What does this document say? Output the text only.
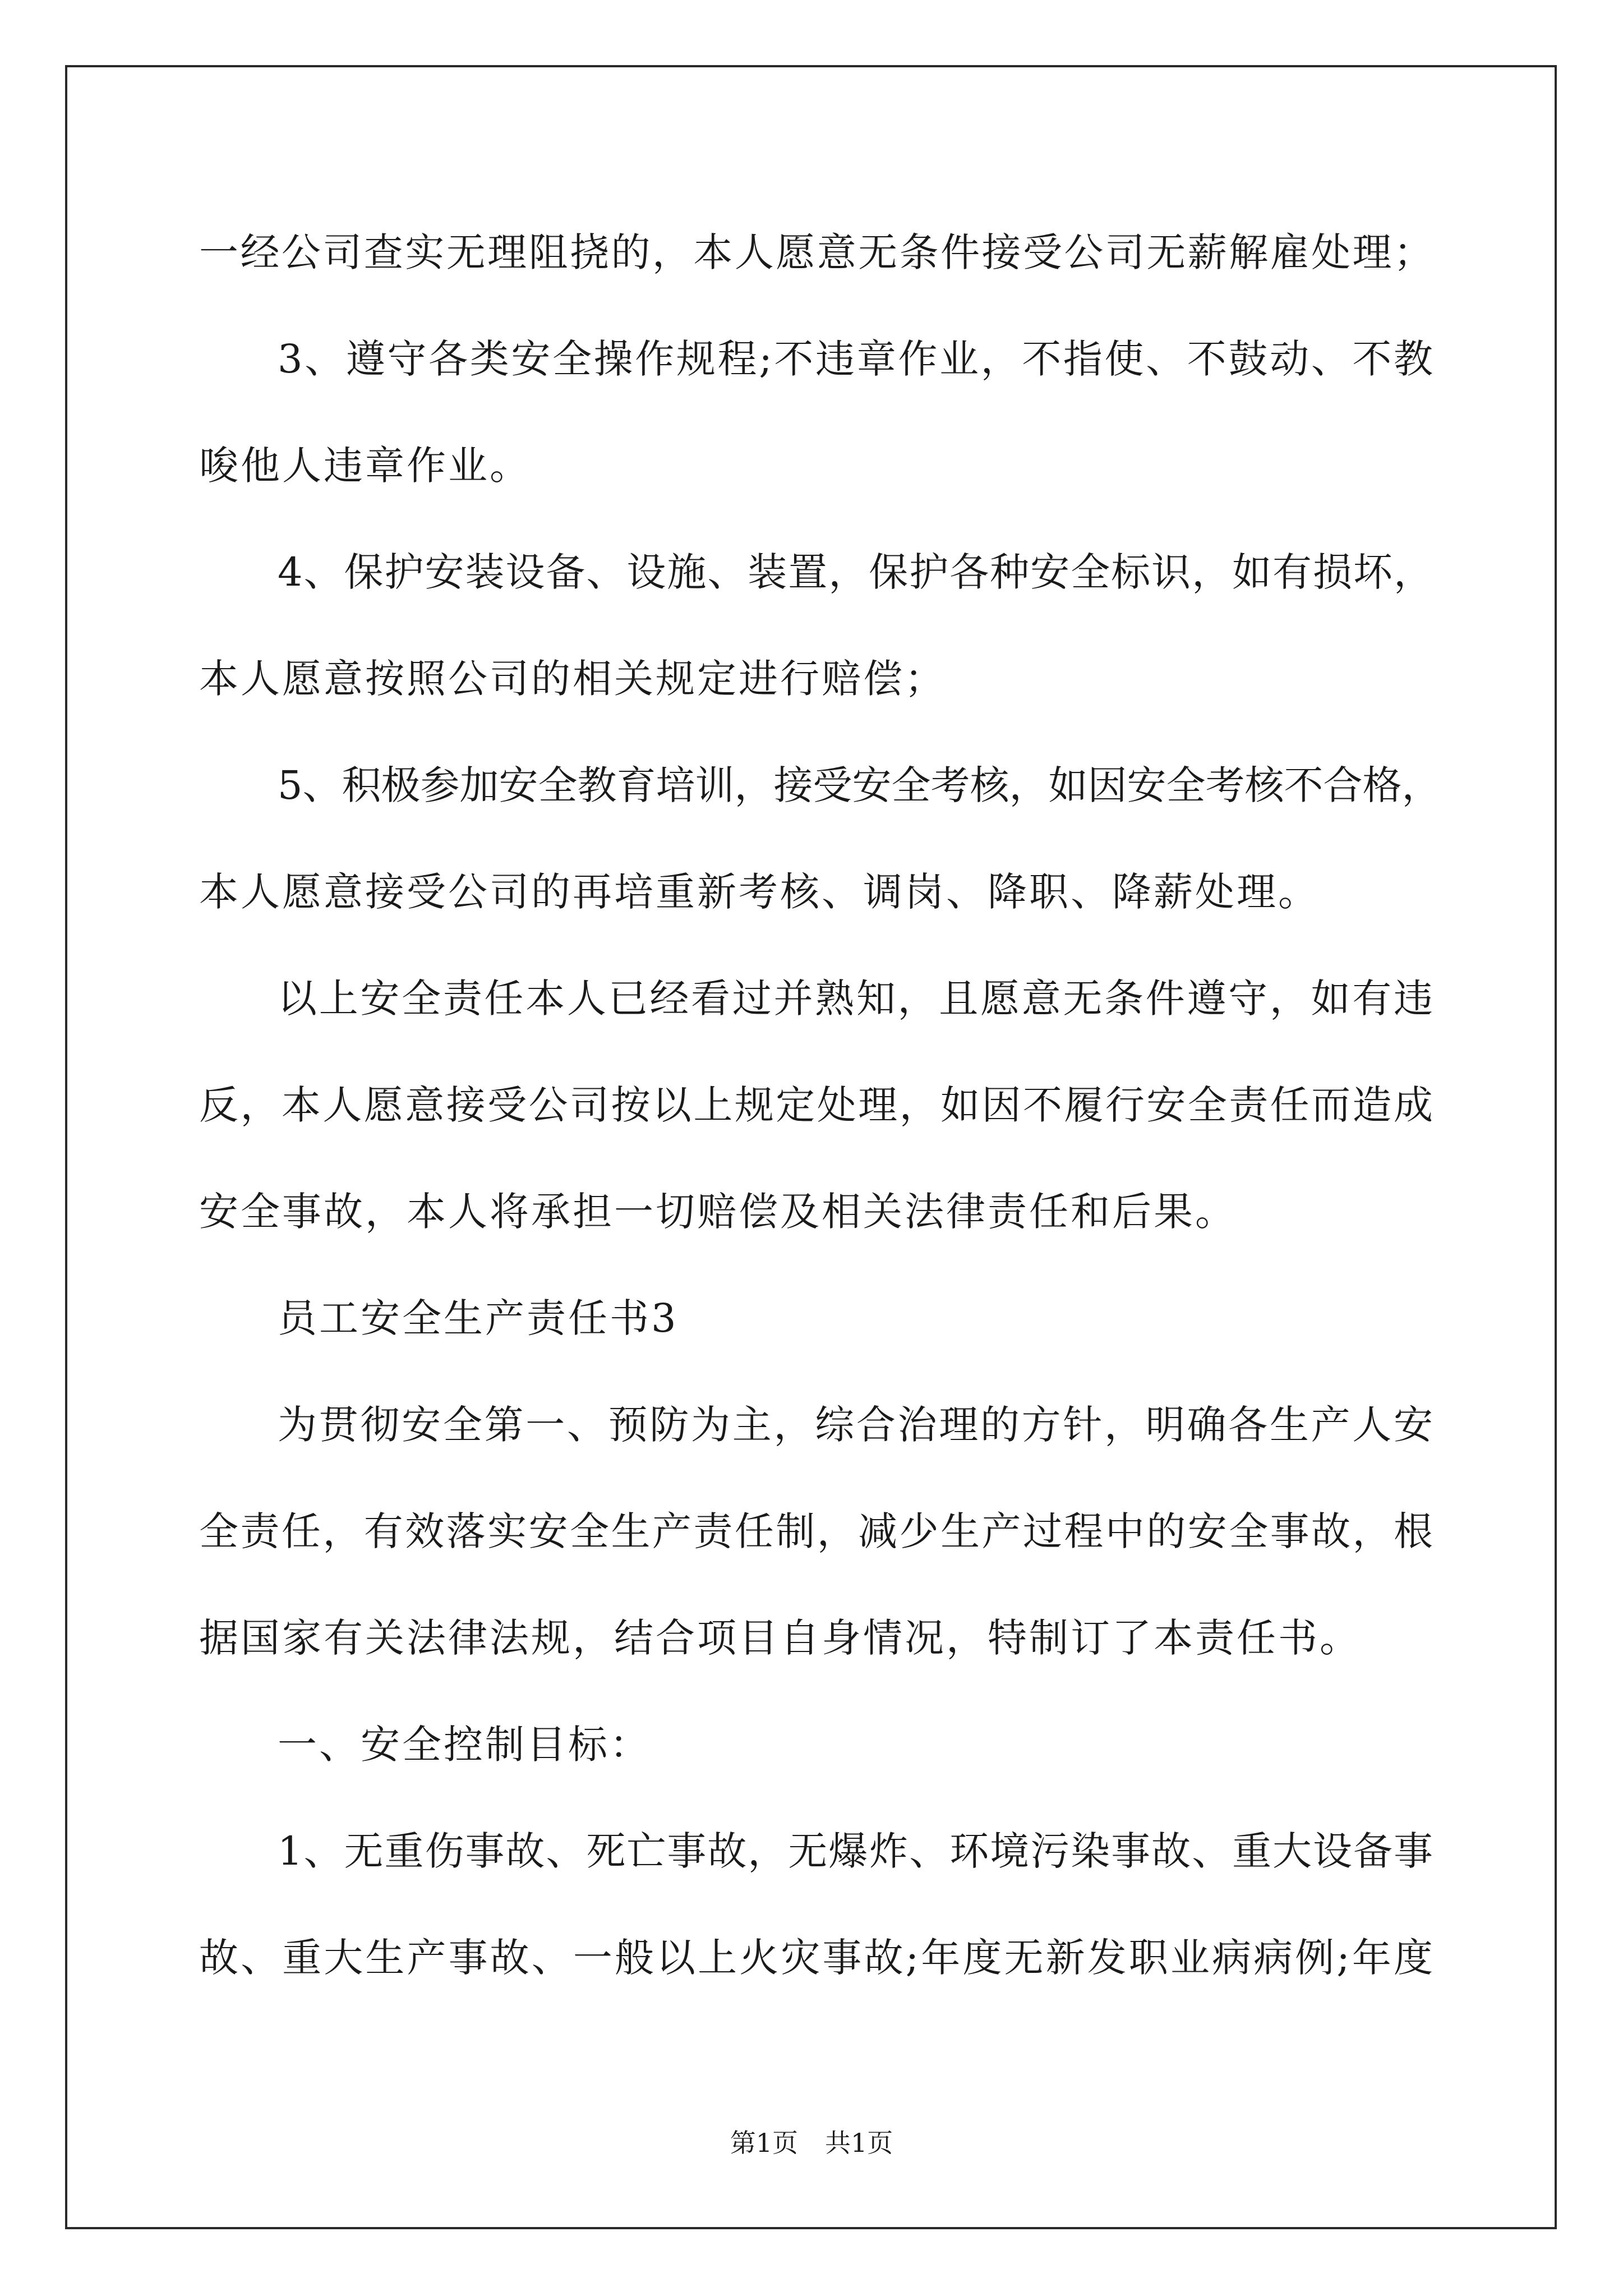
一经公司查实无理阻挠的，本人愿意无条件接受公司无薪解雇处理；
3、遵守各类安全操作规程;不违章作业，不指使、不鼓动、不教
唆他人违章作业。
4、保护安装设备、设施、装置，保护各种安全标识，如有损坏，
本人愿意按照公司的相关规定进行赔偿；
5、积极参加安全教育培训，接受安全考核，如因安全考核不合格，
本人愿意接受公司的再培重新考核、调岗、降职、降薪处理。
以上安全责任本人已经看过并熟知，且愿意无条件遵守，如有违
反，本人愿意接受公司按以上规定处理，如因不履行安全责任而造成
安全事故，本人将承担一切赔偿及相关法律责任和后果。
员工安全生产责任书3
为贯彻安全第一、预防为主，综合治理的方针，明确各生产人安
全责任，有效落实安全生产责任制，减少生产过程中的安全事故，根
据国家有关法律法规，结合项目自身情况，特制订了本责任书。
一、安全控制目标：
1、无重伤事故、死亡事故，无爆炸、环境污染事故、重大设备事
故、重大生产事故、一般以上火灾事故;年度无新发职业病病例;年度
第1页 共1页
